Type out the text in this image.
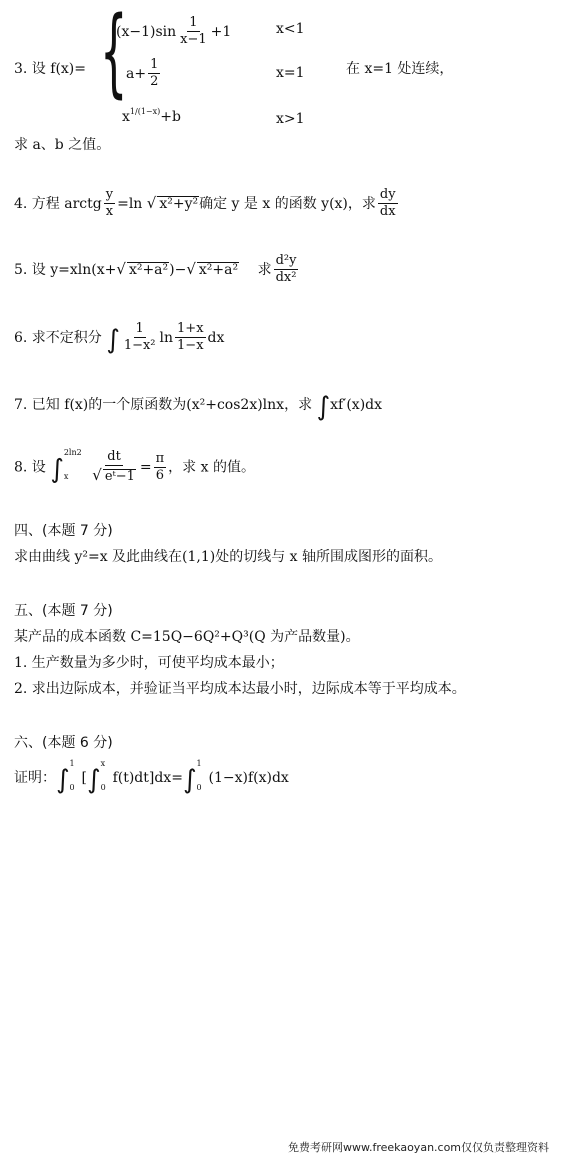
3. 设 f(x)= {
$(x-1)\sin \frac{1}{x-1} +1$	x<1
$a+ \frac{1}{2}$	x=1
$x^{1/(1-x)}+b$	x>1
在 x=1 处连续，
求 a、b 之值。
4. 方程 arctg $\frac{y}{x} =\ln$ √ x²+y²确定 y 是 x 的函数 y(x)，求 $\frac{dy}{dx}$
5. 设 y=xln(x+√ x²+a²)−√ x²+a² 求 $\frac{\text{d²y}}{\text{dx²}}$
6. 求不定积分 ∫ $\frac{1}{\text{1−x²}}$ $\ln \frac{1+x}{1-x}$ dx
7. 已知 f(x)的一个原函数为(x²+cos2x)lnx，求 ∫xf′(x)dx
8. 设 ∫
2ln2
x
$\frac{dt}{\text{√ eᵗ−1}} = \frac{\pi}{6}$ ，求 x 的值。
四、(本题 7 分)
求由曲线 y²=x 及此曲线在(1,1)处的切线与 x 轴所围成图形的面积。
五、(本题 7 分)
某产品的成本函数 C=15Q−6Q²+Q³(Q 为产品数量)。
1. 生产数量为多少时，可使平均成本最小；
2. 求出边际成本，并验证当平均成本达最小时，边际成本等于平均成本。
六、(本题 6 分)
证明：∫
1
0
[∫
x
0
f(t)dt]dx=∫
1
0
(1−x)f(x)dx
免费考研网www.freekaoyan.com仅仅负责整理资料
